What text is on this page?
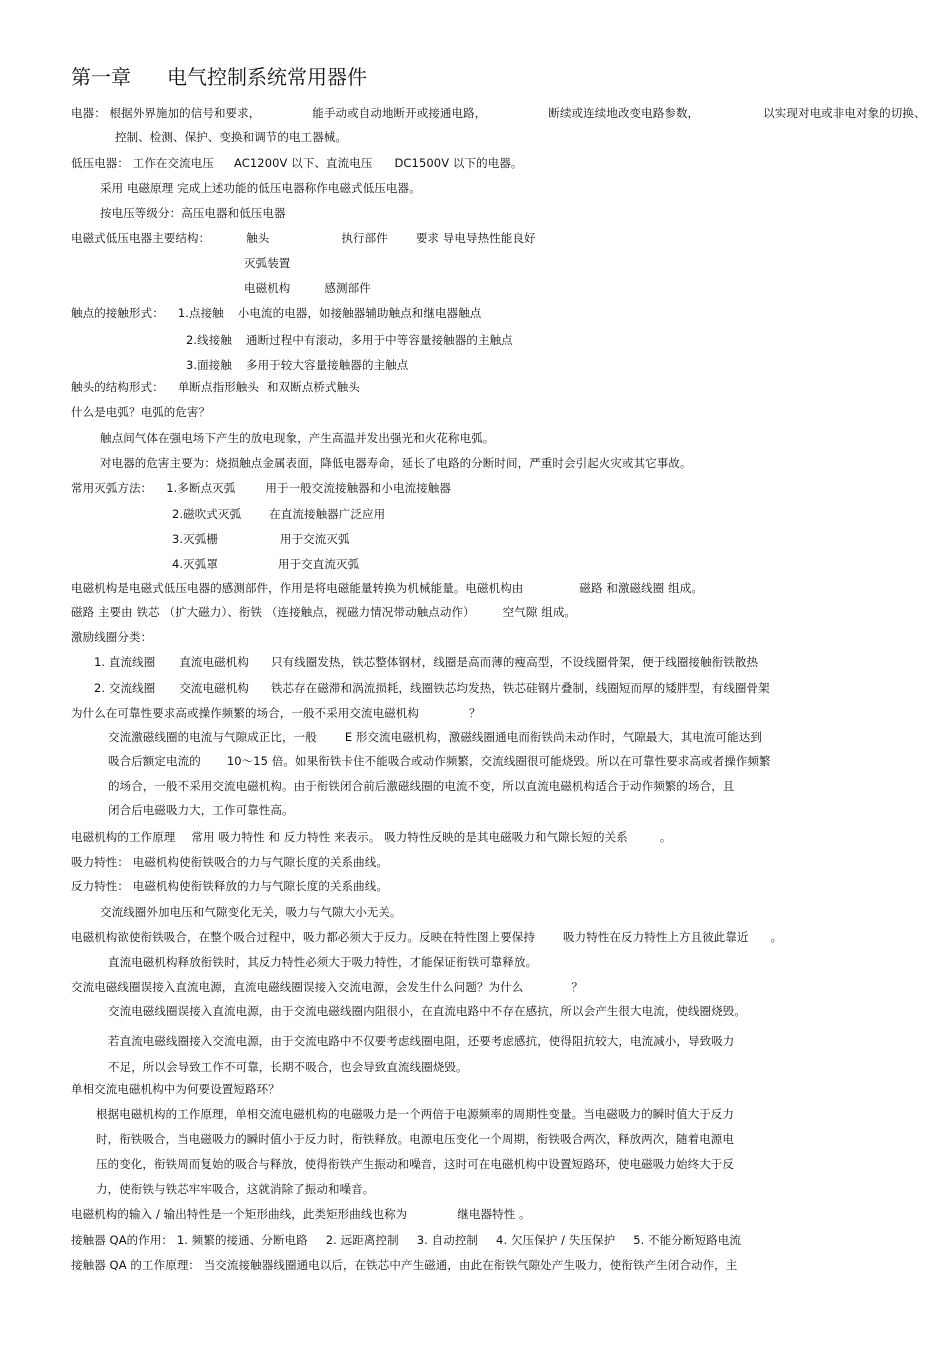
第一章 电气控制系统常用器件
电器： 根据外界施加的信号和要求，	能手动或自动地断开或接通电路，	断续或连续地改变电路参数，	以实现对电或非电对象的切换、
控制、检测、保护、变换和调节的电工器械。
低压电器： 工作在交流电压 AC1200V 以下、直流电压 DC1500V 以下的电器。
采用 电磁原理 完成上述功能的低压电器称作电磁式低压电器。
按电压等级分：高压电器和低压电器
电磁式低压电器主要结构：	触头	执行部件 要求 导电导热性能良好
灭弧装置
电磁机构	感测部件
触点的接触形式： 1.点接触 小电流的电器，如接触器辅助触点和继电器触点
2.线接触 通断过程中有滚动，多用于中等容量接触器的主触点
3.面接触 多用于较大容量接触器的主触点
触头的结构形式： 单断点指形触头 和双断点桥式触头
什么是电弧？电弧的危害？
触点间气体在强电场下产生的放电现象，产生高温并发出强光和火花称电弧。
对电器的危害主要为：烧损触点金属表面，降低电器寿命，延长了电路的分断时间，严重时会引起火灾或其它事故。
常用灭弧方法： 1.多断点灭弧	用于一般交流接触器和小电流接触器
2.磁吹式灭弧 在直流接触器广泛应用
3.灭弧栅	用于交流灭弧
4.灭弧罩	用于交直流灭弧
电磁机构是电磁式低压电器的感测部件，作用是将电磁能量转换为机械能量。电磁机构由	磁路 和激磁线圈 组成。
磁路 主要由 铁芯 （扩大磁力）、衔铁 （连接触点，视磁力情况带动触点动作） 空气隙 组成。
激励线圈分类：
1. 直流线圈 直流电磁机构 只有线圈发热，铁芯整体钢材，线圈是高而薄的瘦高型，不设线圈骨架，便于线圈接触衔铁散热
2. 交流线圈 交流电磁机构 铁芯存在磁滞和涡流损耗，线圈铁芯均发热，铁芯硅钢片叠制，线圈短而厚的矮胖型，有线圈骨架
为什么在可靠性要求高或操作频繁的场合，一般不采用交流电磁机构	？
交流激磁线圈的电流与气隙成正比，一般 E 形交流电磁机构，激磁线圈通电而衔铁尚未动作时，气隙最大，其电流可能达到
吸合后额定电流的 10～15 倍。如果衔铁卡住不能吸合或动作频繁，交流线圈很可能烧毁。所以在可靠性要求高或者操作频繁
的场合，一般不采用交流电磁机构。由于衔铁闭合前后激磁线圈的电流不变，所以直流电磁机构适合于动作频繁的场合，且
闭合后电磁吸力大，工作可靠性高。
电磁机构的工作原理 常用 吸力特性 和 反力特性 来表示。 吸力特性反映的是其电磁吸力和气隙长短的关系	。
吸力特性： 电磁机构使衔铁吸合的力与气隙长度的关系曲线。
反力特性： 电磁机构使衔铁释放的力与气隙长度的关系曲线。
交流线圈外加电压和气隙变化无关，吸力与气隙大小无关。
电磁机构欲使衔铁吸合，在整个吸合过程中，吸力都必须大于反力。反映在特性图上要保持 吸力特性在反力特性上方且彼此靠近 。
直流电磁机构释放衔铁时，其反力特性必须大于吸力特性，才能保证衔铁可靠释放。
交流电磁线圈误接入直流电源，直流电磁线圈误接入交流电源，会发生什么问题？为什么	？
交流电磁线圈误接入直流电源，由于交流电磁线圈内阻很小，在直流电路中不存在感抗，所以会产生很大电流，使线圈烧毁。
若直流电磁线圈接入交流电源，由于交流电路中不仅要考虑线圈电阻，还要考虑感抗，使得阻抗较大，电流减小，导致吸力
不足，所以会导致工作不可靠，长期不吸合，也会导致直流线圈烧毁。
单相交流电磁机构中为何要设置短路环？
根据电磁机构的工作原理，单相交流电磁机构的电磁吸力是一个两倍于电源频率的周期性变量。当电磁吸力的瞬时值大于反力
时，衔铁吸合，当电磁吸力的瞬时值小于反力时，衔铁释放。电源电压变化一个周期，衔铁吸合两次，释放两次，随着电源电
压的变化，衔铁周而复始的吸合与释放，使得衔铁产生振动和噪音，这时可在电磁机构中设置短路环，使电磁吸力始终大于反
力，使衔铁与铁芯牢牢吸合，这就消除了振动和噪音。
电磁机构的输入 / 输出特性是一个矩形曲线，此类矩形曲线也称为	继电器特性 。
接触器 QA的作用： 1. 频繁的接通、分断电路 2. 远距离控制 3. 自动控制 4. 欠压保护 / 失压保护 5. 不能分断短路电流
接触器 QA 的工作原理： 当交流接触器线圈通电以后，在铁芯中产生磁通，由此在衔铁气隙处产生吸力，使衔铁产生闭合动作，主
